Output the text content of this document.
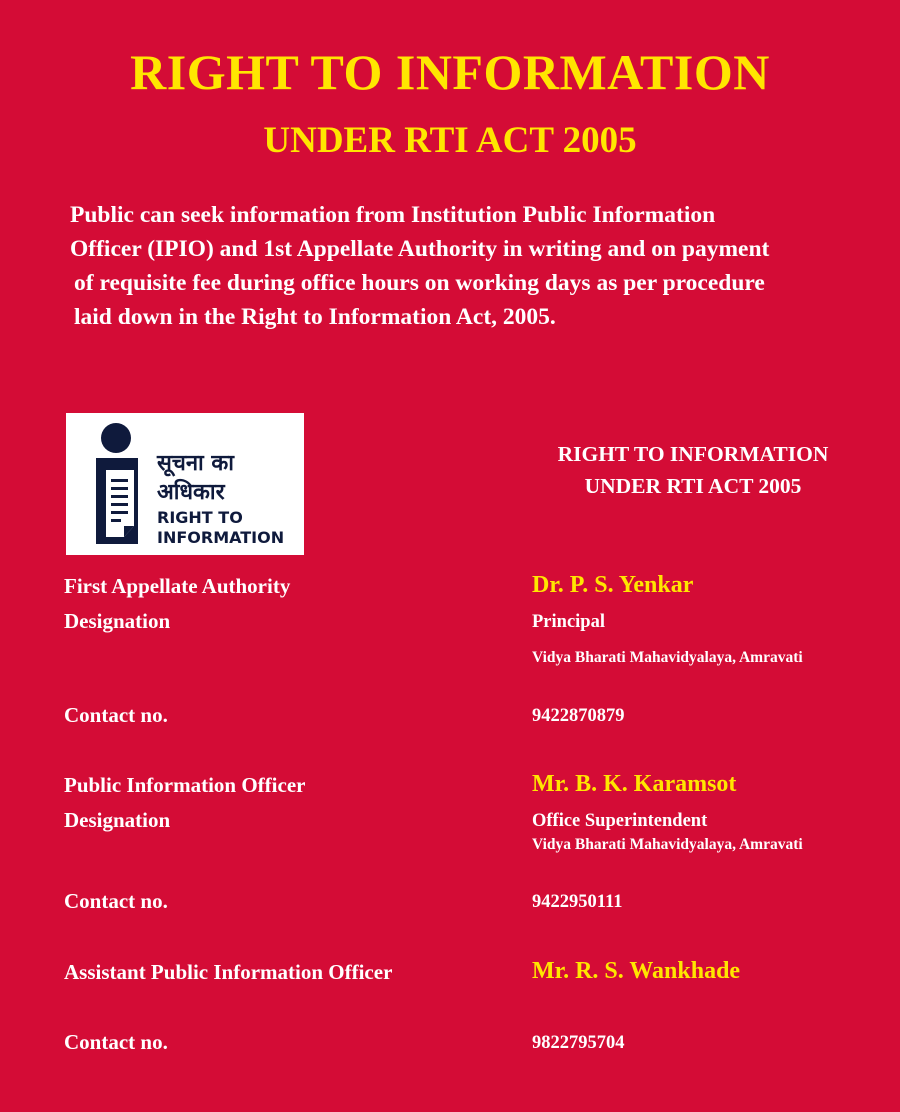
RIGHT TO INFORMATION
UNDER RTI ACT 2005
Public can seek information from Institution Public Information
Officer (IPIO) and 1st Appellate Authority in writing and on payment
of requisite fee during office hours on working days as per procedure
laid down in the Right to Information Act, 2005.
सूचना का
अधिकार
RIGHT TO
INFORMATION
RIGHT TO INFORMATION
UNDER RTI ACT 2005
First Appellate Authority	Dr. P. S. Yenkar
Designation	Principal
Vidya Bharati Mahavidyalaya, Amravati
Contact no.	9422870879
Public Information Officer	Mr. B. K. Karamsot
Designation	Office Superintendent
Vidya Bharati Mahavidyalaya, Amravati
Contact no.	9422950111
Assistant Public Information Officer	Mr. R. S. Wankhade
Contact no.	9822795704
